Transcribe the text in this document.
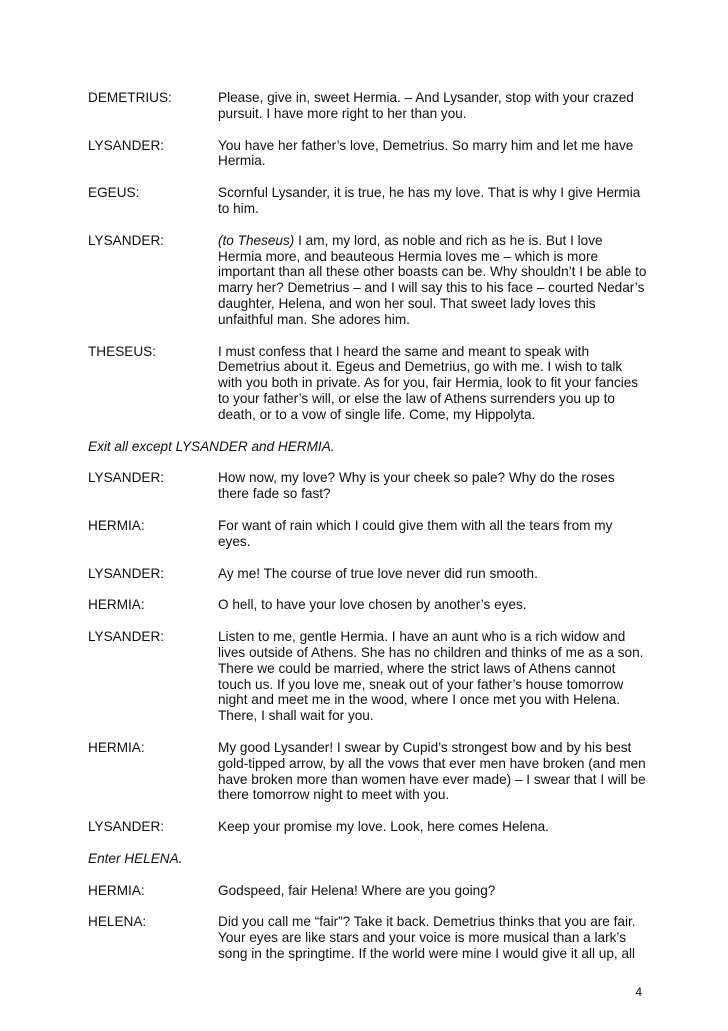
DEMETRIUS:	Please, give in, sweet Hermia. – And Lysander, stop with your crazed pursuit. I have more right to her than you.
LYSANDER:	You have her father’s love, Demetrius. So marry him and let me have Hermia.
EGEUS:	Scornful Lysander, it is true, he has my love. That is why I give Hermia to him.
LYSANDER:	(to Theseus) I am, my lord, as noble and rich as he is. But I love Hermia more, and beauteous Hermia loves me – which is more important than all these other boasts can be. Why shouldn’t I be able to marry her? Demetrius – and I will say this to his face – courted Nedar’s daughter, Helena, and won her soul. That sweet lady loves this unfaithful man. She adores him.
THESEUS:	I must confess that I heard the same and meant to speak with Demetrius about it. Egeus and Demetrius, go with me. I wish to talk with you both in private. As for you, fair Hermia, look to fit your fancies to your father’s will, or else the law of Athens surrenders you up to death, or to a vow of single life. Come, my Hippolyta.
Exit all except LYSANDER and HERMIA.
LYSANDER:	How now, my love? Why is your cheek so pale? Why do the roses there fade so fast?
HERMIA:	For want of rain which I could give them with all the tears from my eyes.
LYSANDER:	Ay me! The course of true love never did run smooth.
HERMIA:	O hell, to have your love chosen by another’s eyes.
LYSANDER:	Listen to me, gentle Hermia. I have an aunt who is a rich widow and lives outside of Athens. She has no children and thinks of me as a son. There we could be married, where the strict laws of Athens cannot touch us. If you love me, sneak out of your father’s house tomorrow night and meet me in the wood, where I once met you with Helena. There, I shall wait for you.
HERMIA:	My good Lysander! I swear by Cupid’s strongest bow and by his best gold-tipped arrow, by all the vows that ever men have broken (and men have broken more than women have ever made) – I swear that I will be there tomorrow night to meet with you.
LYSANDER:	Keep your promise my love. Look, here comes Helena.
Enter HELENA.
HERMIA:	Godspeed, fair Helena! Where are you going?
HELENA:	Did you call me “fair”? Take it back. Demetrius thinks that you are fair. Your eyes are like stars and your voice is more musical than a lark’s song in the springtime. If the world were mine I would give it all up, all
4
